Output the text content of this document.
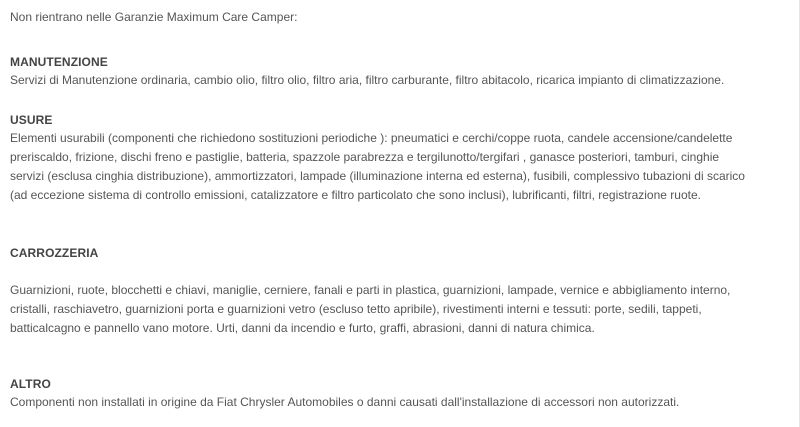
Non rientrano nelle Garanzie Maximum Care Camper:

MANUTENZIONE

Servizi di Manutenzione ordinaria, cambio olio, filtro olio, filtro aria, filtro carburante, filtro abitacolo, ricarica impianto di climatizzazione.

USURE

Elementi usurabili (componenti che richiedono sostituzioni periodiche ): pneumatici e cerchi/coppe ruota, candele accensione/candelette
preriscaldo, frizione, dischi freno e pastiglie, batteria, spazzole parabrezza e tergilunotto/tergifari , ganasce posteriori, tamburi, cinghie
servizi (esclusa cinghia distribuzione), ammortizzatori, lampade (illuminazione interna ed esterna), fusibili, complessivo tubazioni di scarico
(ad eccezione sistema di controllo emissioni, catalizzatore e filtro particolato che sono inclusi), lubrificanti, filtri, registrazione ruote.

CARROZZERIA

Guarnizioni, ruote, blocchetti e chiavi, maniglie, cerniere, fanali e parti in plastica, guarnizioni, lampade, vernice e abbigliamento interno,
cristalli, raschiavetro, guarnizioni porta e guarnizioni vetro (escluso tetto apribile), rivestimenti interni e tessuti: porte, sedili, tappeti,
batticalcagno e pannello vano motore. Urti, danni da incendio e furto, graffi, abrasioni, danni di natura chimica.

ALTRO

Componenti non installati in origine da Fiat Chrysler Automobiles o danni causati dall'installazione di accessori non autorizzati.
